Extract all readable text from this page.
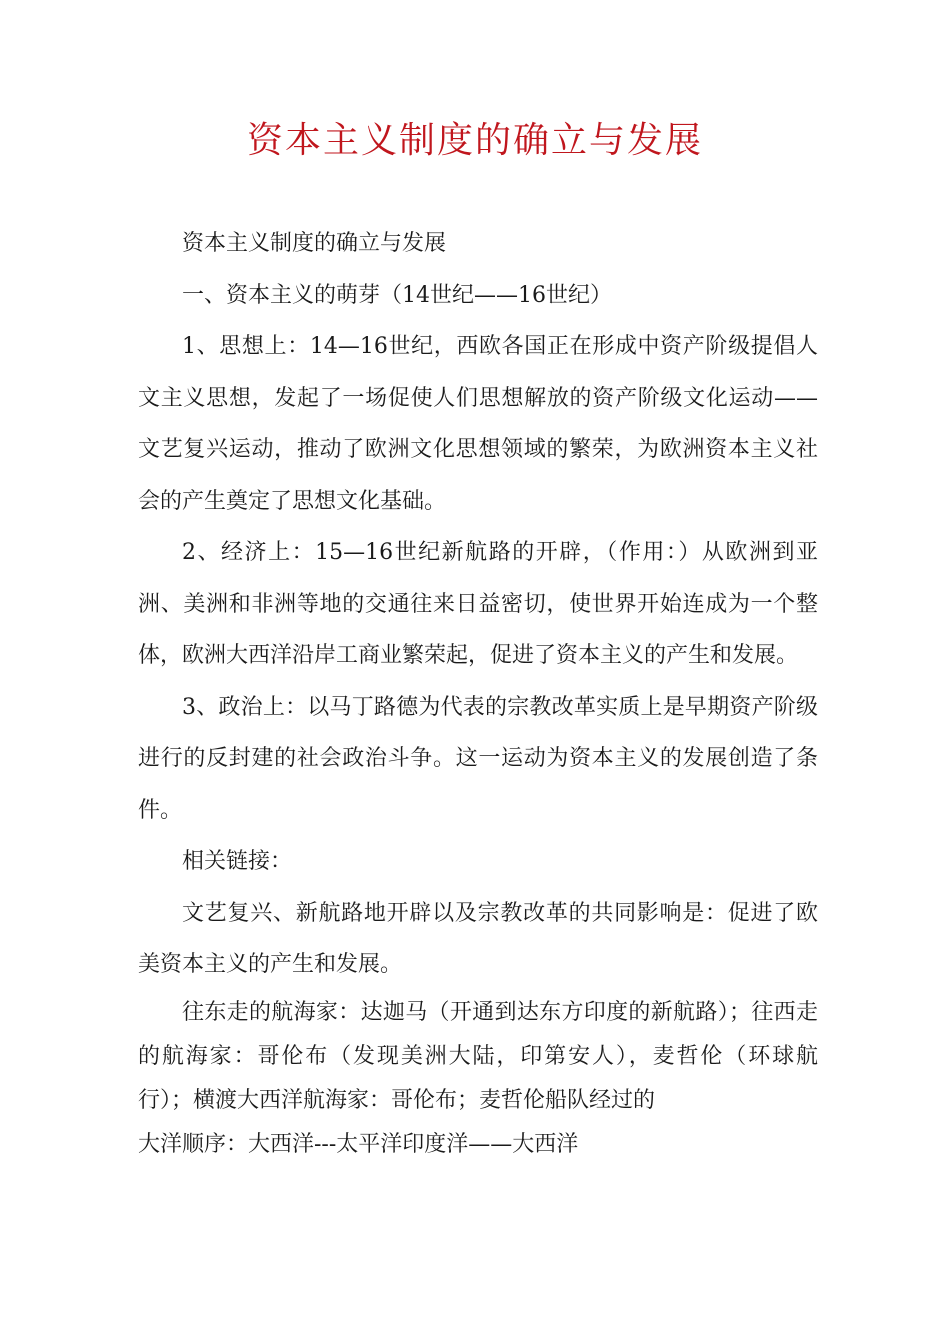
资本主义制度的确立与发展

资本主义制度的确立与发展

一、资本主义的萌芽（14世纪——16世纪）

1、思想上：14—16世纪，西欧各国正在形成中资产阶级提倡人文主义思想，发起了一场促使人们思想解放的资产阶级文化运动——文艺复兴运动，推动了欧洲文化思想领域的繁荣，为欧洲资本主义社会的产生奠定了思想文化基础。

2、经济上：15—16世纪新航路的开辟，（作用：）从欧洲到亚洲、美洲和非洲等地的交通往来日益密切，使世界开始连成为一个整体，欧洲大西洋沿岸工商业繁荣起，促进了资本主义的产生和发展。

3、政治上：以马丁路德为代表的宗教改革实质上是早期资产阶级进行的反封建的社会政治斗争。这一运动为资本主义的发展创造了条件。

相关链接：

文艺复兴、新航路地开辟以及宗教改革的共同影响是：促进了欧美资本主义的产生和发展。

往东走的航海家：达迦马（开通到达东方印度的新航路）；往西走的航海家：哥伦布（发现美洲大陆，印第安人），麦哲伦（环球航行）；横渡大西洋航海家：哥伦布；麦哲伦船队经过的

大洋顺序：大西洋---太平洋印度洋——大西洋
